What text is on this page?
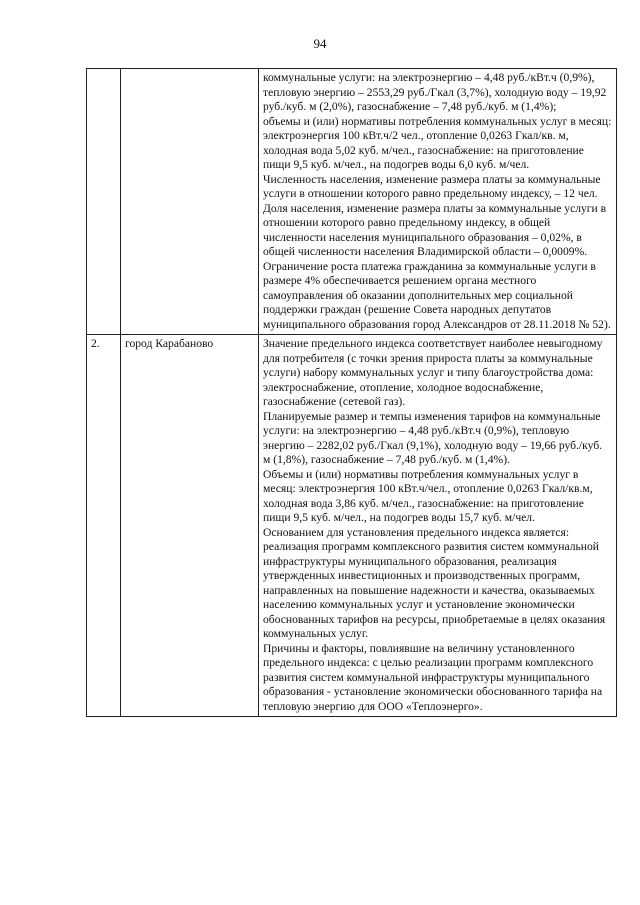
94

		коммунальные услуги: на электроэнергию – 4,48 руб./кВт.ч (0,9%), тепловую энергию – 2553,29 руб./Гкал (3,7%), холодную воду – 19,92 руб./куб. м (2,0%), газоснабжение – 7,48 руб./куб. м (1,4%);

объемы и (или) нормативы потребления коммунальных услуг в месяц: электроэнергия 100 кВт.ч/2 чел., отопление 0,0263 Гкал/кв. м, холодная вода 5,02 куб. м/чел., газоснабжение: на приготовление пищи 9,5 куб. м/чел., на подогрев воды 6,0 куб. м/чел.

Численность населения, изменение размера платы за коммунальные услуги в отношении которого равно предельному индексу, – 12 чел.

Доля населения, изменение размера платы за коммунальные услуги в отношении которого равно предельному индексу, в общей численности населения муниципального образования – 0,02%, в общей численности населения Владимирской области – 0,0009%.

Ограничение роста платежа гражданина за коммунальные услуги в размере 4% обеспечивается решением органа местного самоуправления об оказании дополнительных мер социальной поддержки граждан (решение Совета народных депутатов муниципального образования город Александров от 28.11.2018 № 52).

2.	город Карабаново	Значение предельного индекса соответствует наиболее невыгодному для потребителя (с точки зрения прироста платы за коммунальные услуги) набору коммунальных услуг и типу благоустройства дома: электроснабжение, отопление, холодное водоснабжение, газоснабжение (сетевой газ).

Планируемые размер и темпы изменения тарифов на коммунальные услуги: на электроэнергию – 4,48 руб./кВт.ч (0,9%), тепловую энергию – 2282,02 руб./Гкал (9,1%), холодную воду – 19,66 руб./куб. м (1,8%), газоснабжение – 7,48 руб./куб. м (1,4%).

Объемы и (или) нормативы потребления коммунальных услуг в месяц: электроэнергия 100 кВт.ч/чел., отопление 0,0263 Гкал/кв.м, холодная вода 3,86 куб. м/чел., газоснабжение: на приготовление пищи 9,5 куб. м/чел., на подогрев воды 15,7 куб. м/чел.

Основанием для установления предельного индекса является: реализация программ комплексного развития систем коммунальной инфраструктуры муниципального образования, реализация утвержденных инвестиционных и производственных программ, направленных на повышение надежности и качества, оказываемых населению коммунальных услуг и установление экономически обоснованных тарифов на ресурсы, приобретаемые в целях оказания коммунальных услуг.

Причины и факторы, повлиявшие на величину установленного предельного индекса: с целью реализации программ комплексного развития систем коммунальной инфраструктуры муниципального образования - установление экономически обоснованного тарифа на тепловую энергию для ООО «Теплоэнерго».
